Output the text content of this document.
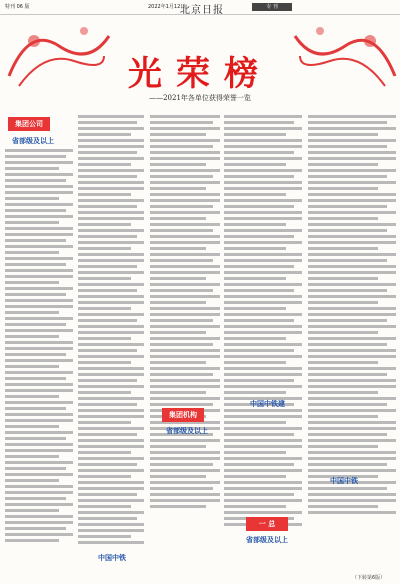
特刊 06 版	2022年1月12日
北京日报	专 刊
光荣榜
——2021年各单位获得荣誉一览
集团公司
省部级及以上
中国中铁
集团机构
省部级及以上
中国中铁建
一 总
省部级及以上
中国中铁
（下转第6版）
